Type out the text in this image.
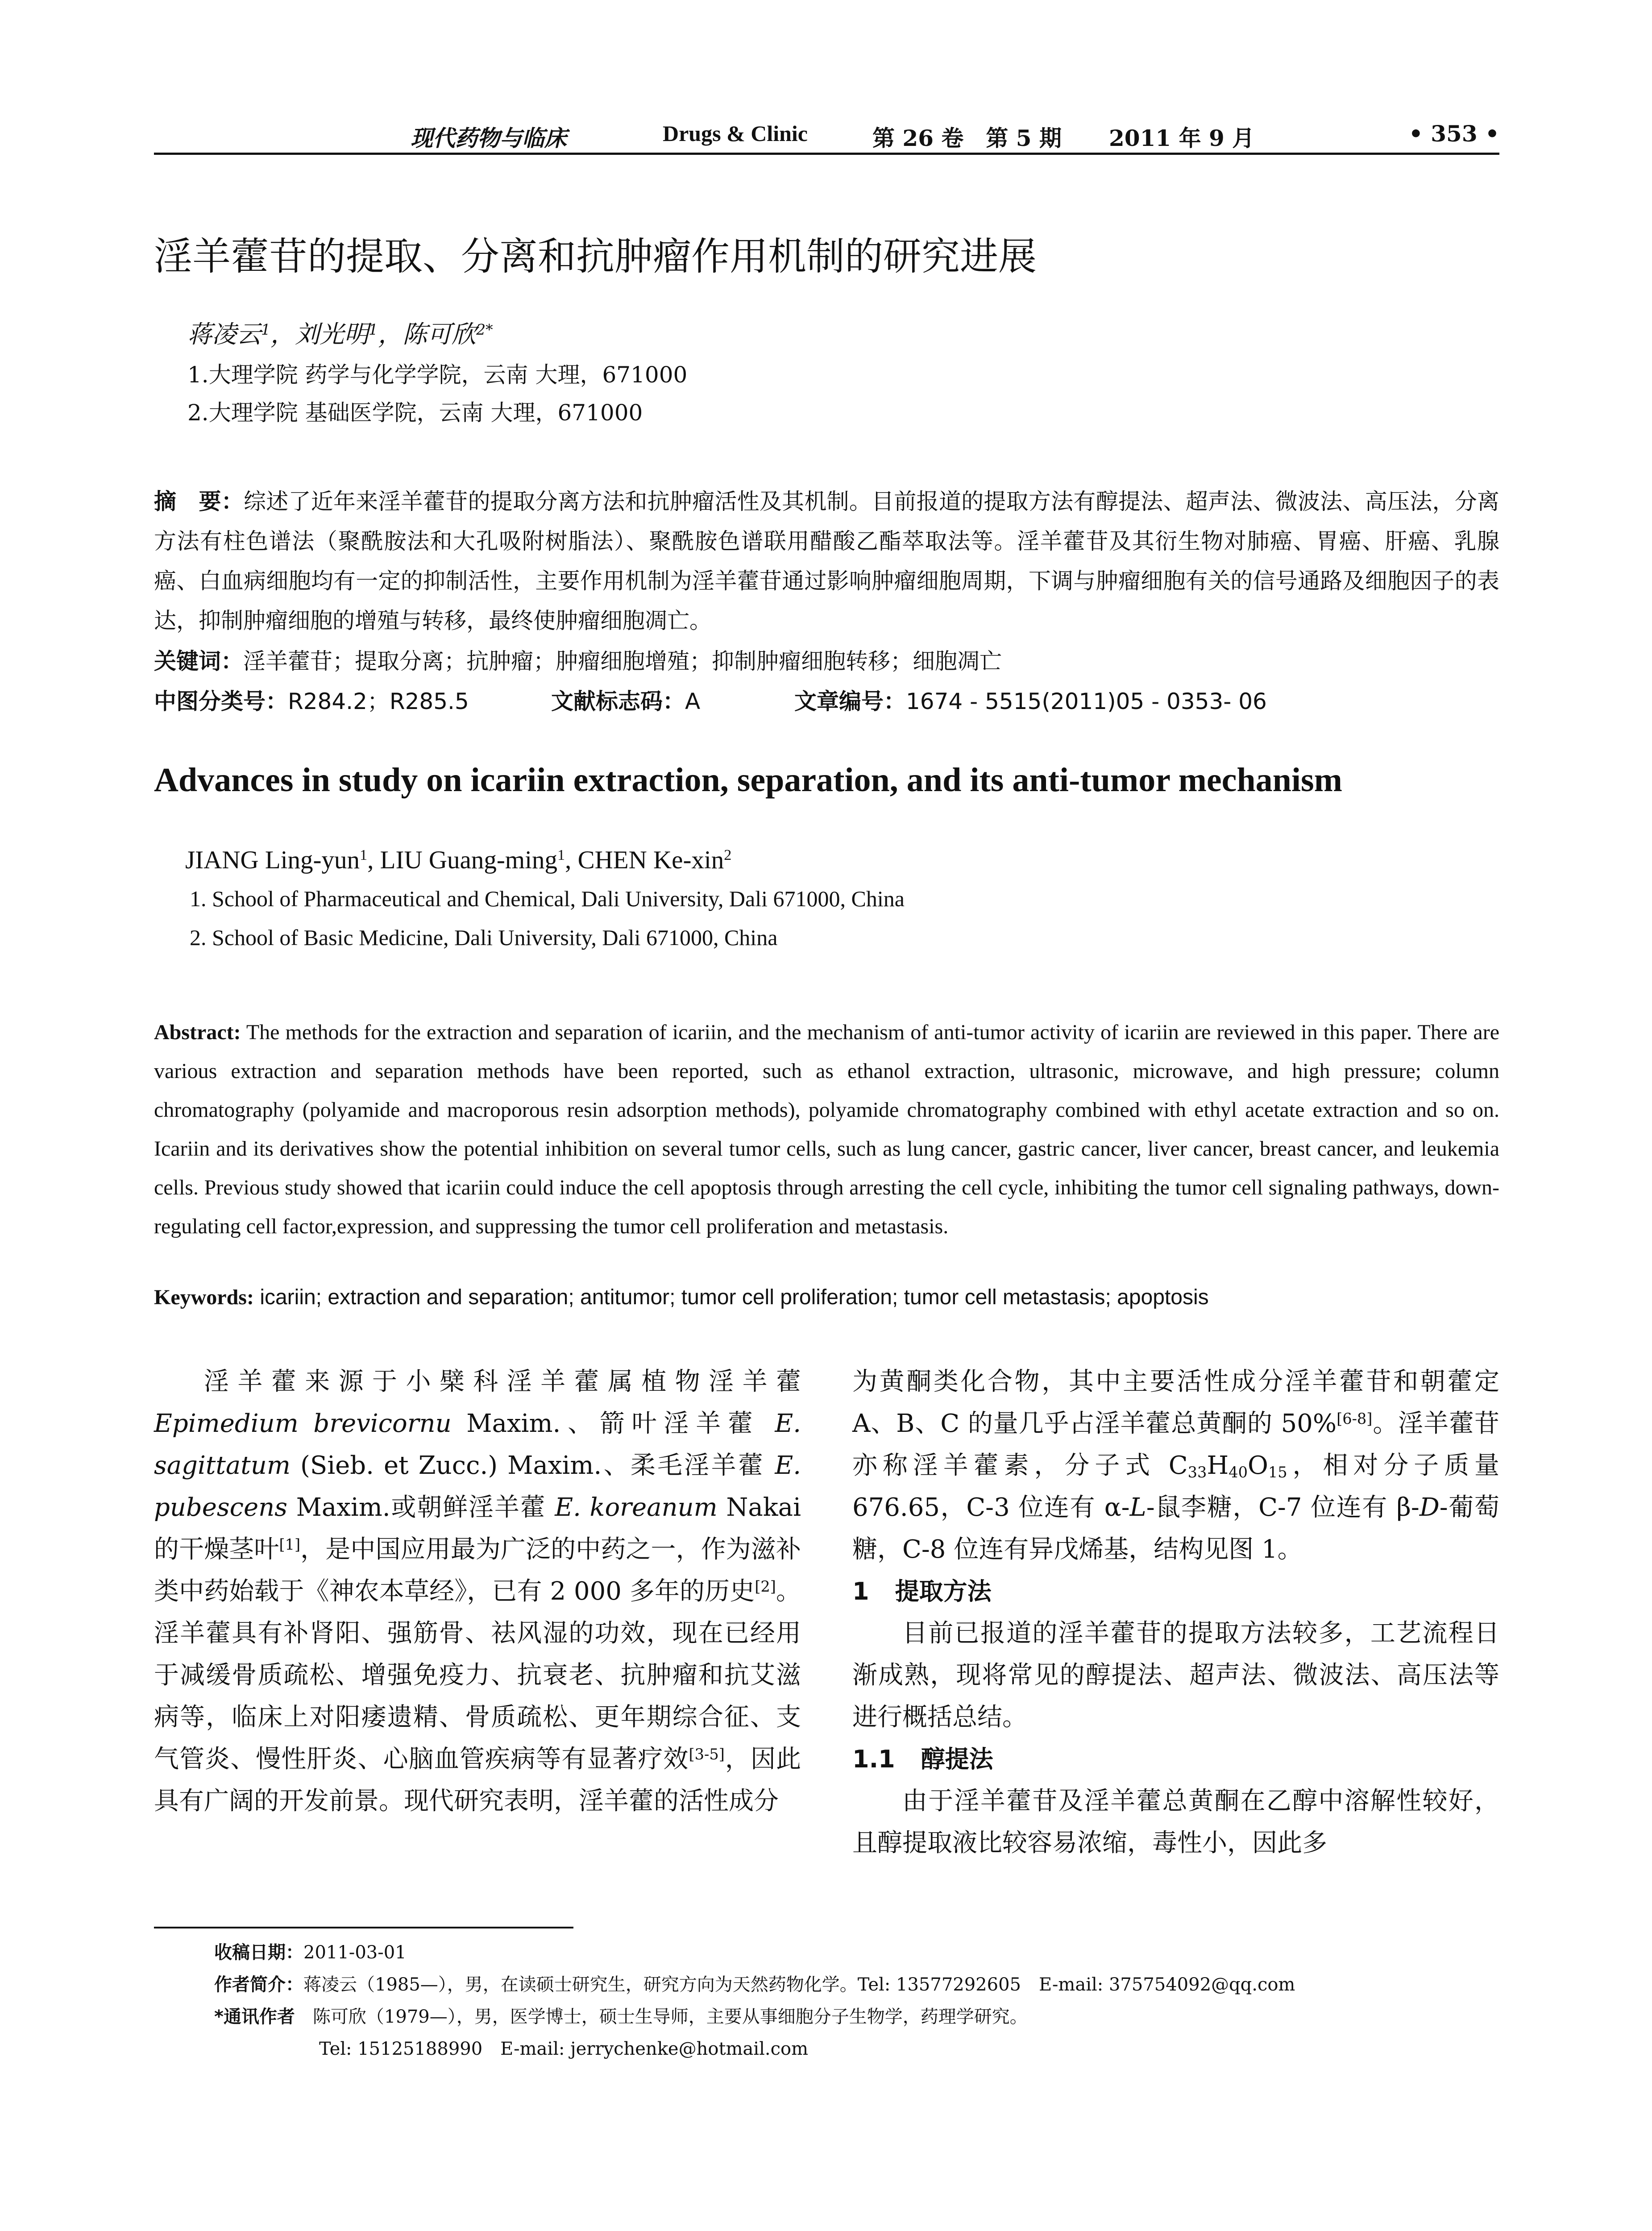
现代药物与临床	Drugs & Clinic	第 26 卷　第 5 期 2011 年 9 月	• 353 •
淫羊藿苷的提取、分离和抗肿瘤作用机制的研究进展
蒋凌云$^1$，刘光明$^1$，陈可欣$^{2*}$
1.大理学院 药学与化学学院，云南 大理，671000
2.大理学院 基础医学院，云南 大理，671000

摘　要：综述了近年来淫羊藿苷的提取分离方法和抗肿瘤活性及其机制。目前报道的提取方法有醇提法、超声法、微波法、高压法，分离方法有柱色谱法（聚酰胺法和大孔吸附树脂法）、聚酰胺色谱联用醋酸乙酯萃取法等。淫羊藿苷及其衍生物对肺癌、胃癌、肝癌、乳腺癌、白血病细胞均有一定的抑制活性，主要作用机制为淫羊藿苷通过影响肿瘤细胞周期，下调与肿瘤细胞有关的信号通路及细胞因子的表达，抑制肿瘤细胞的增殖与转移，最终使肿瘤细胞凋亡。

关键词：淫羊藿苷；提取分离；抗肿瘤；肿瘤细胞增殖；抑制肿瘤细胞转移；细胞凋亡
中图分类号：R284.2；R285.5	文献标志码：A	文章编号：1674 - 5515(2011)05 - 0353- 06
Advances in study on icariin extraction, separation, and its anti-tumor mechanism
JIANG Ling-yun$^1$, LIU Guang-ming$^1$, CHEN Ke-xin$^2$
1. School of Pharmaceutical and Chemical, Dali University, Dali 671000, China
2. School of Basic Medicine, Dali University, Dali 671000, China

Abstract: The methods for the extraction and separation of icariin, and the mechanism of anti-tumor activity of icariin are reviewed in this paper. There are various extraction and separation methods have been reported, such as ethanol extraction, ultrasonic, microwave, and high pressure; column chromatography (polyamide and macroporous resin adsorption methods), polyamide chromatography combined with ethyl acetate extraction and so on. Icariin and its derivatives show the potential inhibition on several tumor cells, such as lung cancer, gastric cancer, liver cancer, breast cancer, and leukemia cells. Previous study showed that icariin could induce the cell apoptosis through arresting the cell cycle, inhibiting the tumor cell signaling pathways, down-regulating cell factor,expression, and suppressing the tumor cell proliferation and metastasis.

Keywords: icariin; extraction and separation; antitumor; tumor cell proliferation; tumor cell metastasis; apoptosis

淫羊藿来源于小檗科淫羊藿属植物淫羊藿 Epimedium brevicornu Maxim.、箭叶淫羊藿 E. sagittatum (Sieb. et Zucc.) Maxim.、柔毛淫羊藿 E. pubescens Maxim.或朝鲜淫羊藿 E. koreanum Nakai 的干燥茎叶[1]，是中国应用最为广泛的中药之一，作为滋补类中药始载于《神农本草经》，已有 2 000 多年的历史[2]。淫羊藿具有补肾阳、强筋骨、祛风湿的功效，现在已经用于减缓骨质疏松、增强免疫力、抗衰老、抗肿瘤和抗艾滋病等，临床上对阳痿遗精、骨质疏松、更年期综合征、支气管炎、慢性肝炎、心脑血管疾病等有显著疗效[3-5]，因此具有广阔的开发前景。现代研究表明，淫羊藿的活性成分

为黄酮类化合物，其中主要活性成分淫羊藿苷和朝藿定 A、B、C 的量几乎占淫羊藿总黄酮的 50%[6-8]。淫羊藿苷亦称淫羊藿素，分子式 $C_{33}H_{40}O_{15}$，相对分子质量 676.65，C-3 位连有 α-L-鼠李糖，C-7 位连有 β-D-葡萄糖，C-8 位连有异戊烯基，结构见图 1。

1 提取方法

目前已报道的淫羊藿苷的提取方法较多，工艺流程日渐成熟，现将常见的醇提法、超声法、微波法、高压法等进行概括总结。

1.1 醇提法

由于淫羊藿苷及淫羊藿总黄酮在乙醇中溶解性较好，且醇提取液比较容易浓缩，毒性小，因此多

收稿日期：2011-03-01
作者简介：蒋凌云（1985—），男，在读硕士研究生，研究方向为天然药物化学。Tel: 13577292605　E-mail: 375754092@qq.com
*通讯作者　陈可欣（1979—），男，医学博士，硕士生导师，主要从事细胞分子生物学，药理学研究。
Tel: 15125188990　E-mail: jerrychenke@hotmail.com
